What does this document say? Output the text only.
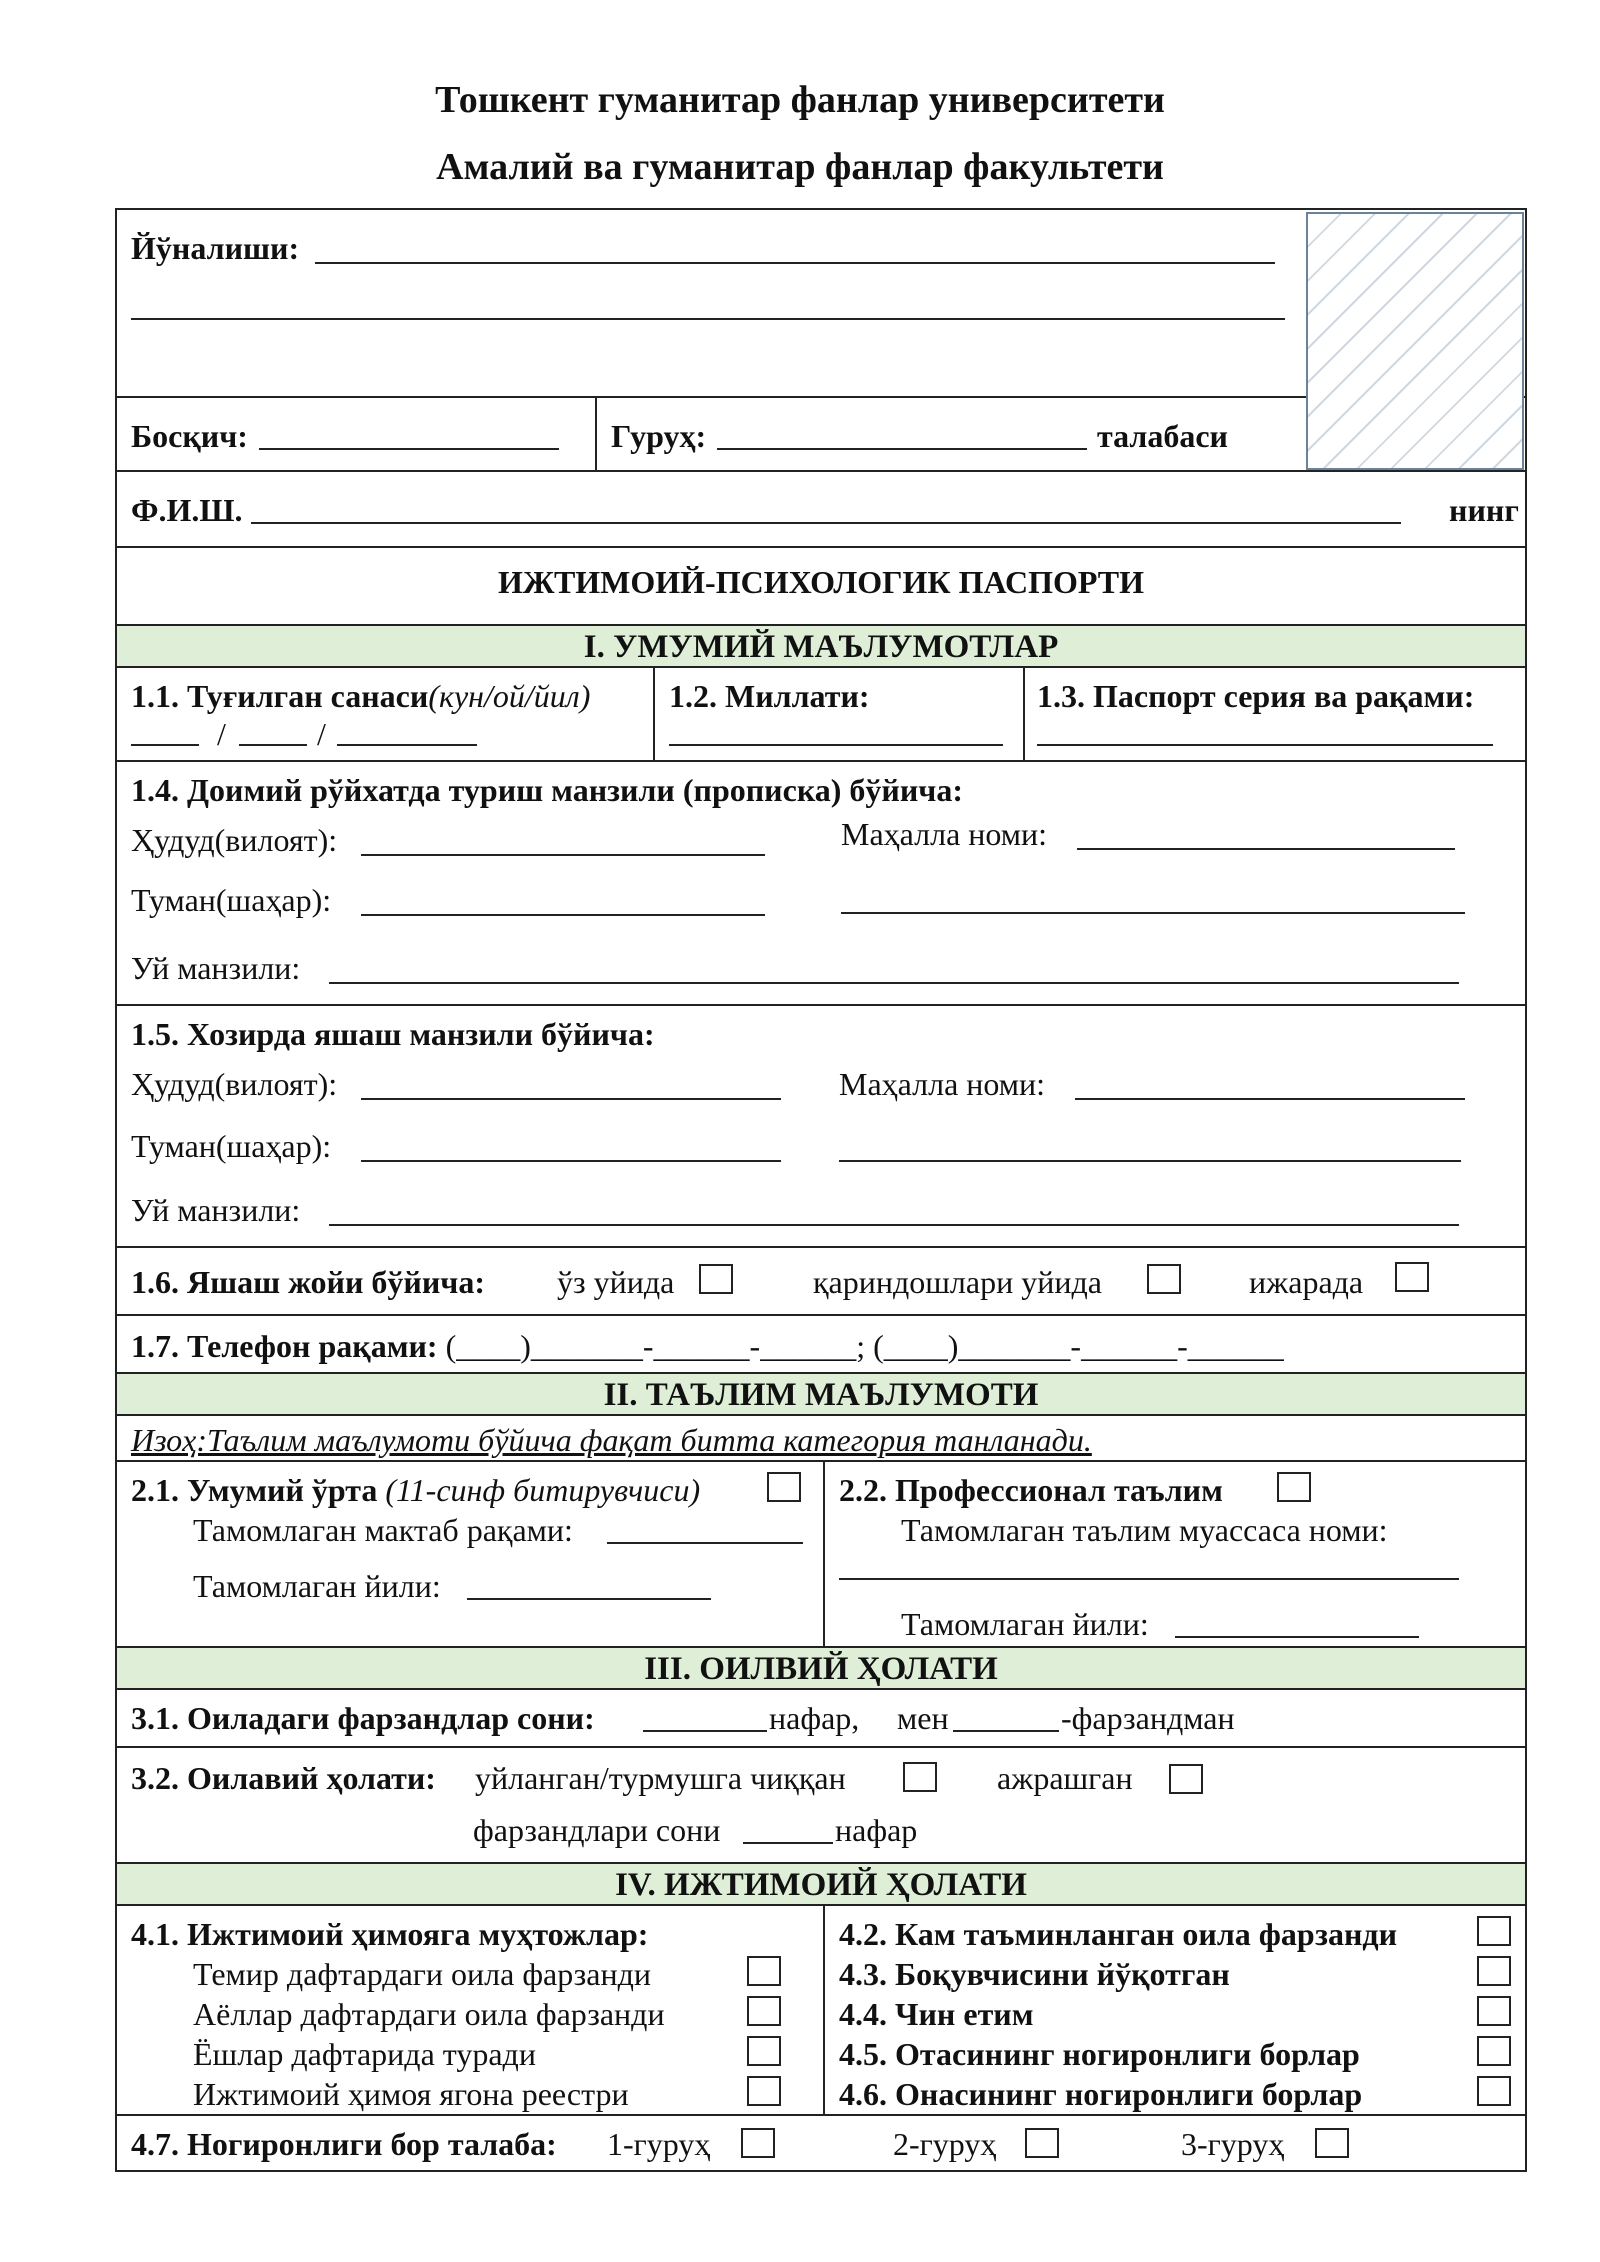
Тошкент гуманитар фанлар университети
Амалий ва гуманитар фанлар факультети
Йўналиши:
Босқич:	Гуруҳ:	талабаси
Ф.И.Ш.	нинг
ИЖТИМОИЙ-ПСИХОЛОГИК ПАСПОРТИ
I. УМУМИЙ МАЪЛУМОТЛАР
1.1. Туғилган санаси(кун/ой/йил)
/	/
1.2. Миллати:	1.3. Паспорт серия ва рақами:
1.4. Доимий рўйхатда туриш манзили (прописка) бўйича:
Ҳудуд(вилоят):	Маҳалла номи:
Туман(шаҳар):
Уй манзили:
1.5. Хозирда яшаш манзили бўйича:
Ҳудуд(вилоят):	Маҳалла номи:
Туман(шаҳар):
Уй манзили:
1.6. Яшаш жойи бўйича: ўз уйида	қариндошлари уйида	ижарада
1.7. Телефон рақами: (____)_______-______-______; (____)_______-______-______
II. ТАЪЛИМ МАЪЛУМОТИ
Изоҳ:Таълим маълумоти бўйича фақат битта категория танланади.
2.1. Умумий ўрта (11-синф битирувчиси)
Тамомлаган мактаб рақами:
Тамомлаган йили:
2.2. Профессионал таълим
Тамомлаган таълим муассаса номи:
Тамомлаган йили:
III. ОИЛВИЙ ҲОЛАТИ
3.1. Оиладаги фарзандлар сони:	нафар, мен	-фарзандман
3.2. Оилавий ҳолати: уйланган/турмушга чиққан	ажрашган
фарзандлари сони	нафар
IV. ИЖТИМОИЙ ҲОЛАТИ
4.1. Ижтимоий ҳимояга муҳтожлар:
Темир дафтардаги оила фарзанди
Аёллар дафтардаги оила фарзанди
Ёшлар дафтарида туради
Ижтимоий ҳимоя ягона реестри
4.2. Кам таъминланган оила фарзанди
4.3. Боқувчисини йўқотган
4.4. Чин етим
4.5. Отасининг ногиронлиги борлар
4.6. Онасининг ногиронлиги борлар
4.7. Ногиронлиги бор талаба: 1-гуруҳ	2-гуруҳ	3-гуруҳ
